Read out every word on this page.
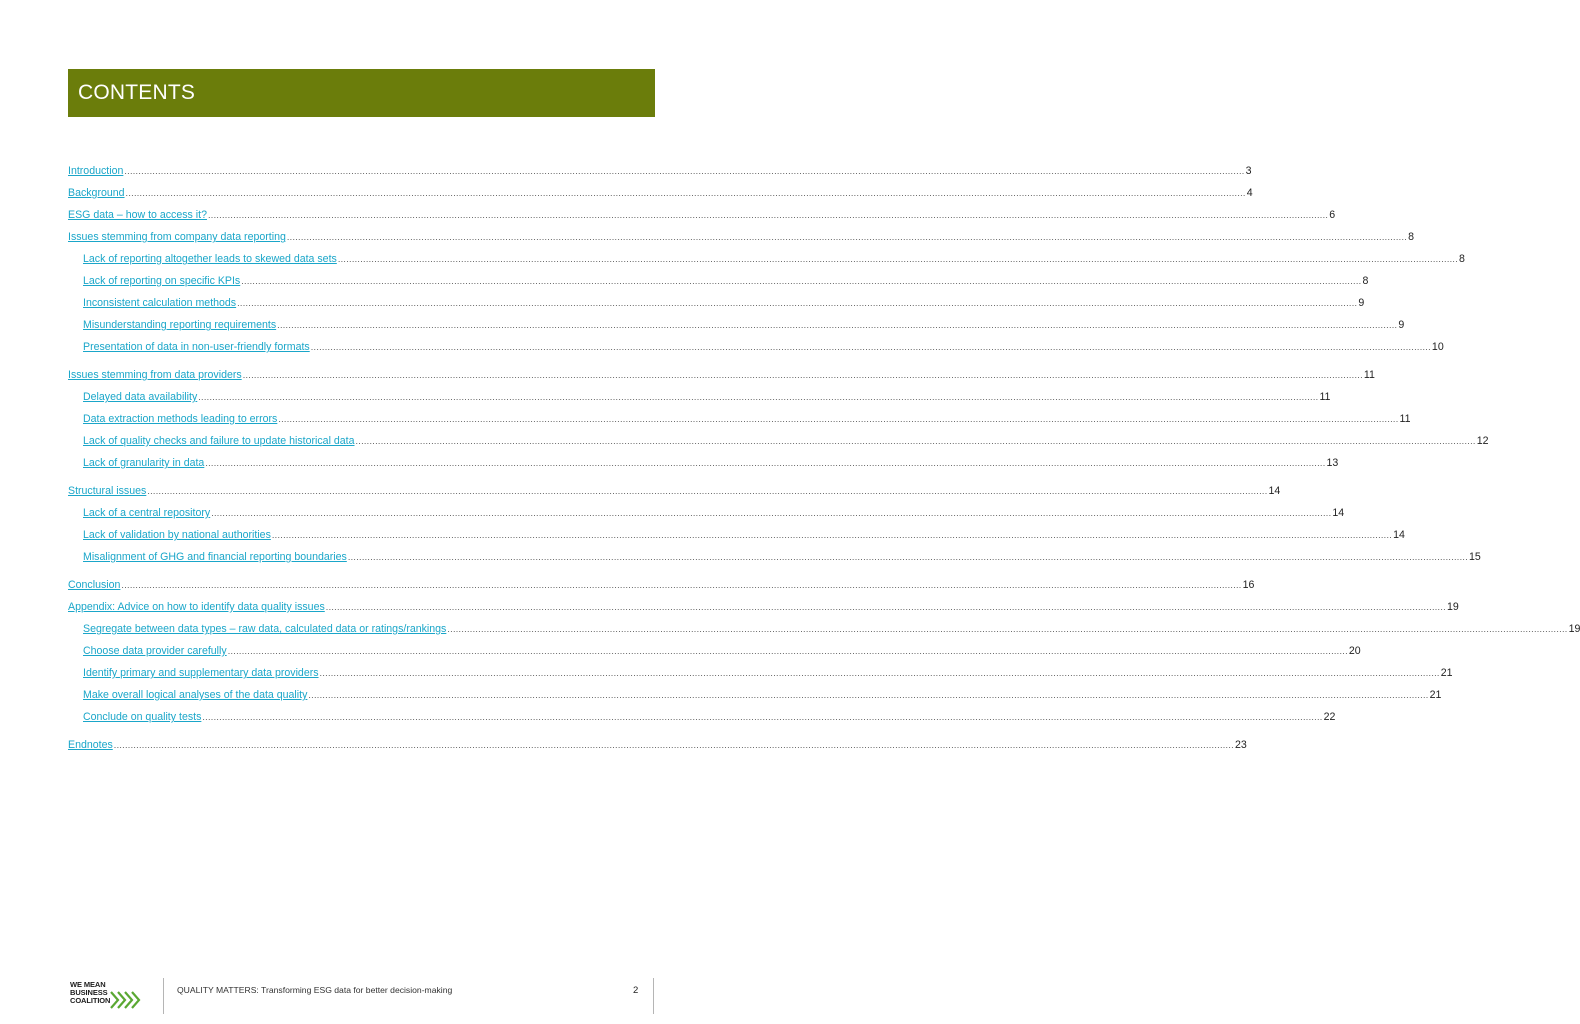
CONTENTS
Introduction ................................................................................................................................................................................................................................................................................................................................................................................................................ 3
Background ................................................................................................................................................................................................................................................................................................................................................................................................................ 4
ESG data – how to access it? ................................................................................................................................................................................................................................................................................................................................................................................................................ 6
Issues stemming from company data reporting ................................................................................................................................................................................................................................................................................................................................................................................................................ 8
Lack of reporting altogether leads to skewed data sets ................................................................................................................................................................................................................................................................................................................................................................................................................ 8
Lack of reporting on specific KPIs ................................................................................................................................................................................................................................................................................................................................................................................................................ 8
Inconsistent calculation methods ................................................................................................................................................................................................................................................................................................................................................................................................................ 9
Misunderstanding reporting requirements ................................................................................................................................................................................................................................................................................................................................................................................................................ 9
Presentation of data in non-user-friendly formats ................................................................................................................................................................................................................................................................................................................................................................................................................ 10
Issues stemming from data providers ................................................................................................................................................................................................................................................................................................................................................................................................................ 11
Delayed data availability ................................................................................................................................................................................................................................................................................................................................................................................................................ 11
Data extraction methods leading to errors ................................................................................................................................................................................................................................................................................................................................................................................................................ 11
Lack of quality checks and failure to update historical data ................................................................................................................................................................................................................................................................................................................................................................................................................ 12
Lack of granularity in data ................................................................................................................................................................................................................................................................................................................................................................................................................ 13
Structural issues ................................................................................................................................................................................................................................................................................................................................................................................................................ 14
Lack of a central repository ................................................................................................................................................................................................................................................................................................................................................................................................................ 14
Lack of validation by national authorities ................................................................................................................................................................................................................................................................................................................................................................................................................ 14
Misalignment of GHG and financial reporting boundaries ................................................................................................................................................................................................................................................................................................................................................................................................................ 15
Conclusion ................................................................................................................................................................................................................................................................................................................................................................................................................ 16
Appendix: Advice on how to identify data quality issues ................................................................................................................................................................................................................................................................................................................................................................................................................ 19
Segregate between data types – raw data, calculated data or ratings/rankings ................................................................................................................................................................................................................................................................................................................................................................................................................ 19
Choose data provider carefully ................................................................................................................................................................................................................................................................................................................................................................................................................ 20
Identify primary and supplementary data providers ................................................................................................................................................................................................................................................................................................................................................................................................................ 21
Make overall logical analyses of the data quality ................................................................................................................................................................................................................................................................................................................................................................................................................ 21
Conclude on quality tests ................................................................................................................................................................................................................................................................................................................................................................................................................ 22
Endnotes ................................................................................................................................................................................................................................................................................................................................................................................................................ 23
WE MEAN
BUSINESS
COALITION
QUALITY MATTERS: Transforming ESG data for better decision-making	2
